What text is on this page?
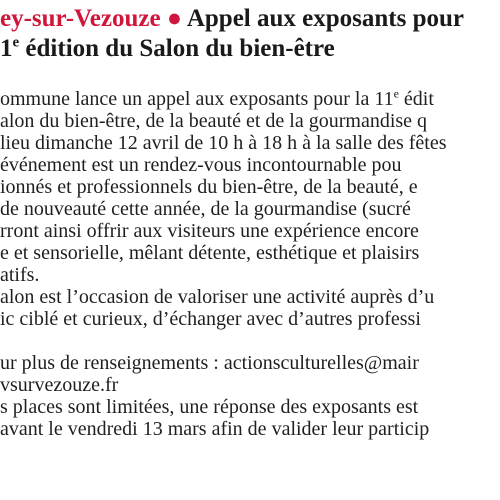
ey-sur-Vezouze ● Appel aux exposants pour
1e édition du Salon du bien-être
ommune lance un appel aux exposants pour la 11e édit
alon du bien-être, de la beauté et de la gourmandise q
lieu dimanche 12 avril de 10 h à 18 h à la salle des fêtes
événement est un rendez-vous incontournable pou
ionnés et professionnels du bien-être, de la beauté, e
de nouveauté cette année, de la gourmandise (sucré
rront ainsi offrir aux visiteurs une expérience encore
e et sensorielle, mêlant détente, esthétique et plaisirs
atifs.
alon est l’occasion de valoriser une activité auprès d’u
ic ciblé et curieux, d’échanger avec d’autres professi
ur plus de renseignements : actionsculturelles@mair
vsurvezouze.fr
s places sont limitées, une réponse des exposants est
avant le vendredi 13 mars afin de valider leur particip
